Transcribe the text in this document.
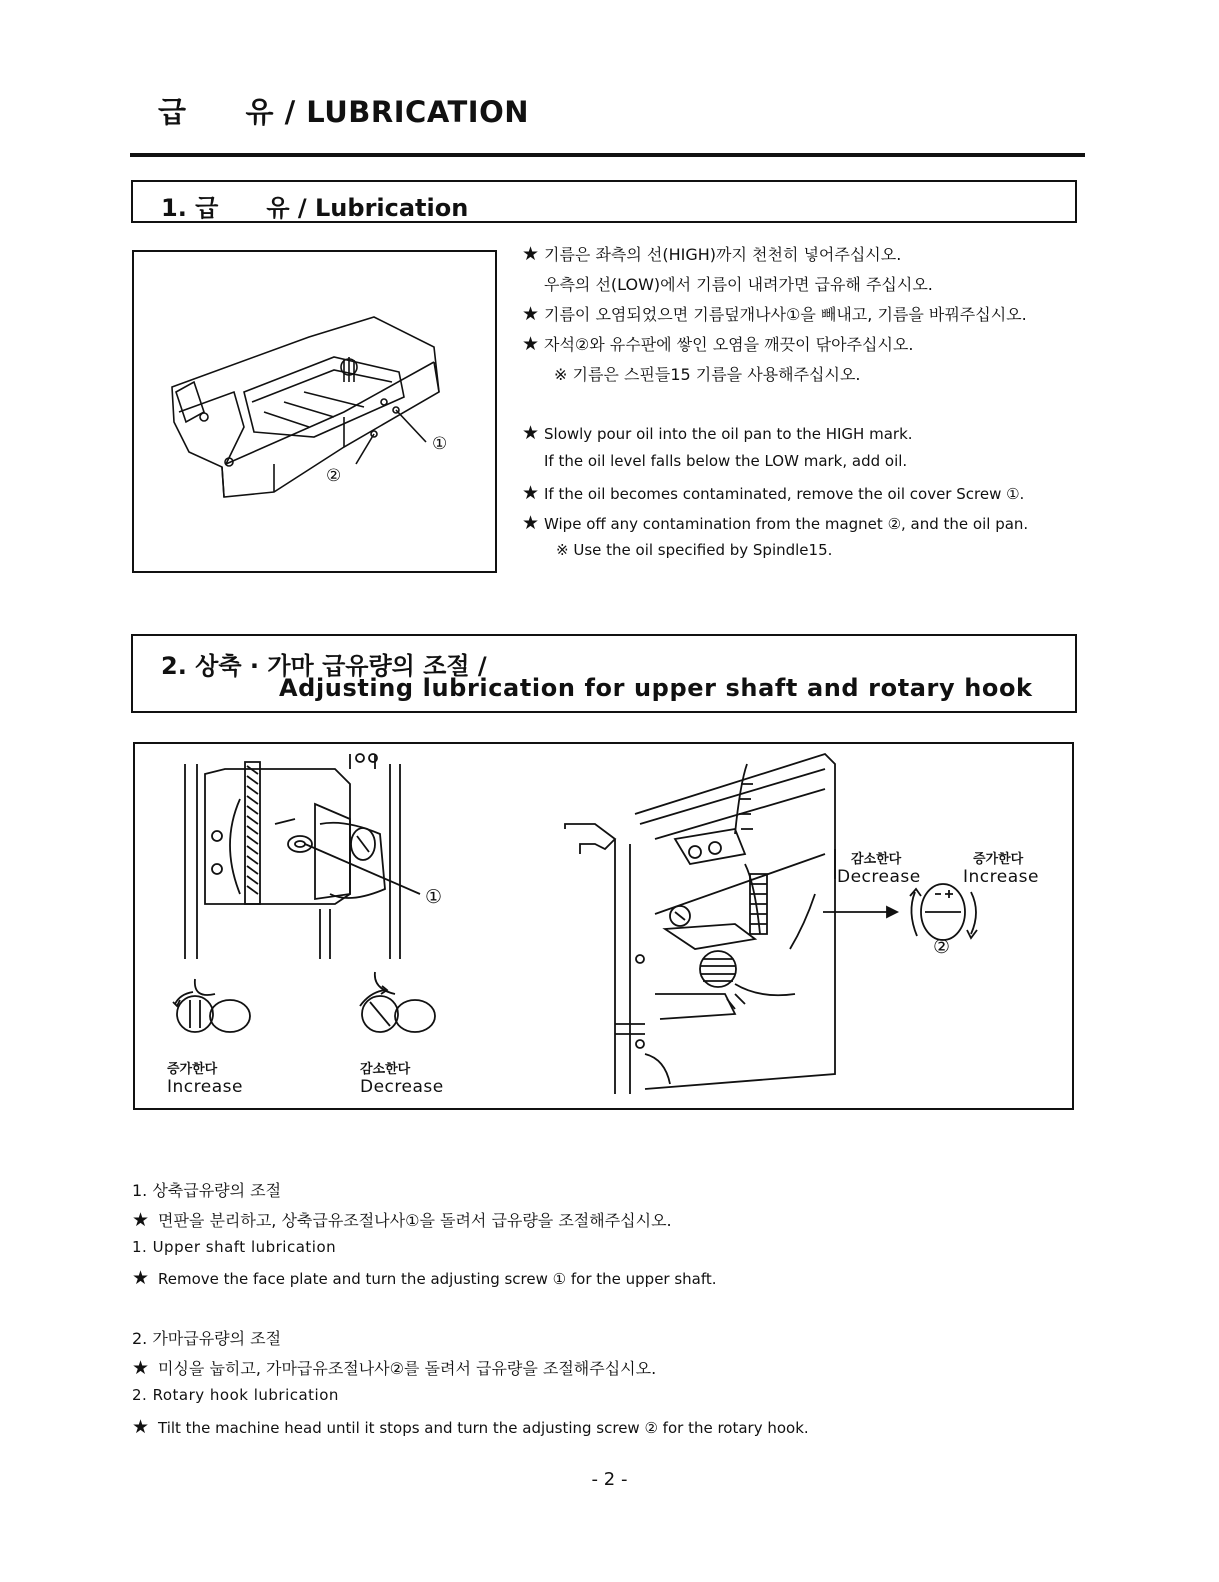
급　　유 / LUBRICATION
1. 급　　유 / Lubrication
①
②
★ 기름은 좌측의 선(HIGH)까지 천천히 넣어주십시오.
우측의 선(LOW)에서 기름이 내려가면 급유해 주십시오.
★ 기름이 오염되었으면 기름덮개나사①을 빼내고, 기름을 바꿔주십시오.
★ 자석②와 유수판에 쌓인 오염을 깨끗이 닦아주십시오.
※ 기름은 스핀들15 기름을 사용해주십시오.
★ Slowly pour oil into the oil pan to the HIGH mark.
If the oil level falls below the LOW mark, add oil.
★ If the oil becomes contaminated, remove the oil cover Screw ①.
★ Wipe off any contamination from the magnet ②, and the oil pan.
※ Use the oil specified by Spindle15.
2. 상축 · 가마 급유량의 조절 /
Adjusting lubrication for upper shaft and rotary hook
①
②
증가한다
Increase
감소한다
Decrease
감소한다
Decrease
증가한다
Increase
1. 상축급유량의 조절
★ 면판을 분리하고, 상축급유조절나사①을 돌려서 급유량을 조절해주십시오.
1. Upper shaft lubrication
★ Remove the face plate and turn the adjusting screw ① for the upper shaft.
2. 가마급유량의 조절
★ 미싱을 눕히고, 가마급유조절나사②를 돌려서 급유량을 조절해주십시오.
2. Rotary hook lubrication
★ Tilt the machine head until it stops and turn the adjusting screw ② for the rotary hook.
- 2 -
